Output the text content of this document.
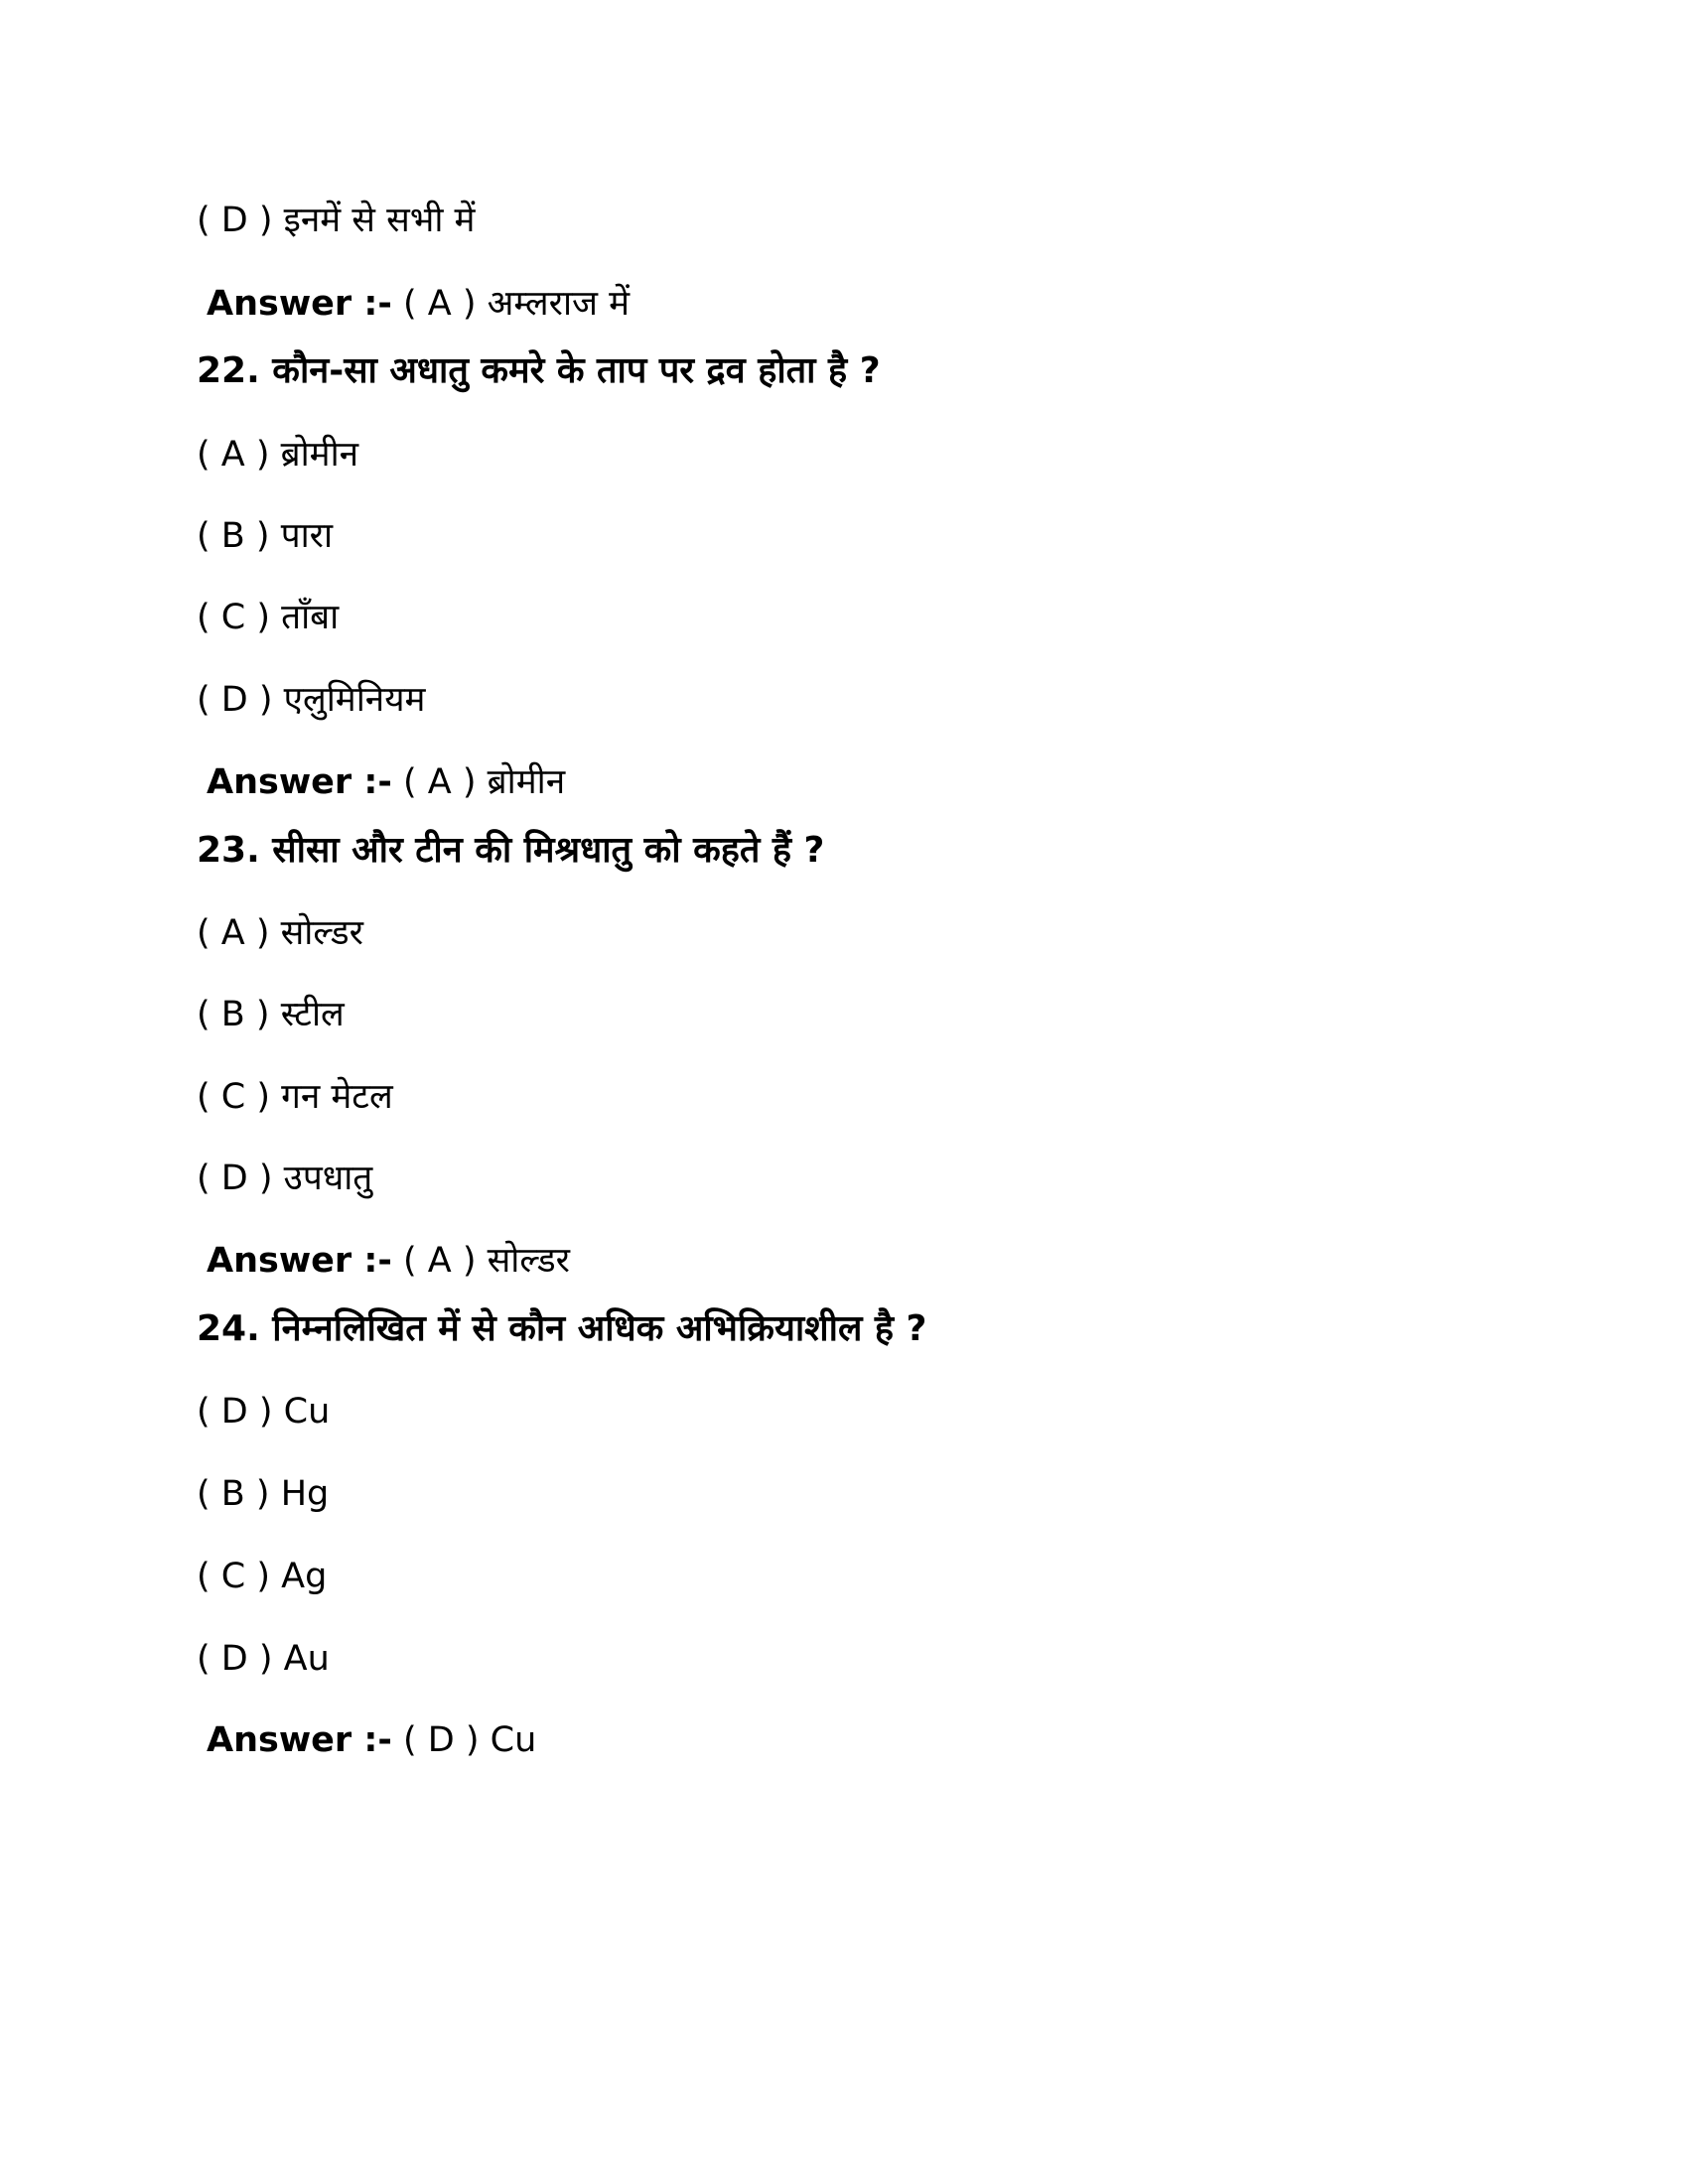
( D ) इनमें से सभी में
Answer :- ( A ) अम्लराज में
22. कौन-सा अधातु कमरे के ताप पर द्रव होता है ?
( A ) ब्रोमीन
( B ) पारा
( C ) ताँबा
( D ) एलुमिनियम
Answer :- ( A ) ब्रोमीन
23. सीसा और टीन की मिश्रधातु को कहते हैं ?
( A ) सोल्डर
( B ) स्टील
( C ) गन मेटल
( D ) उपधातु
Answer :- ( A ) सोल्डर
24. निम्नलिखित में से कौन अधिक अभिक्रियाशील है ?
( D ) Cu
( B ) Hg
( C ) Ag
( D ) Au
Answer :- ( D ) Cu
